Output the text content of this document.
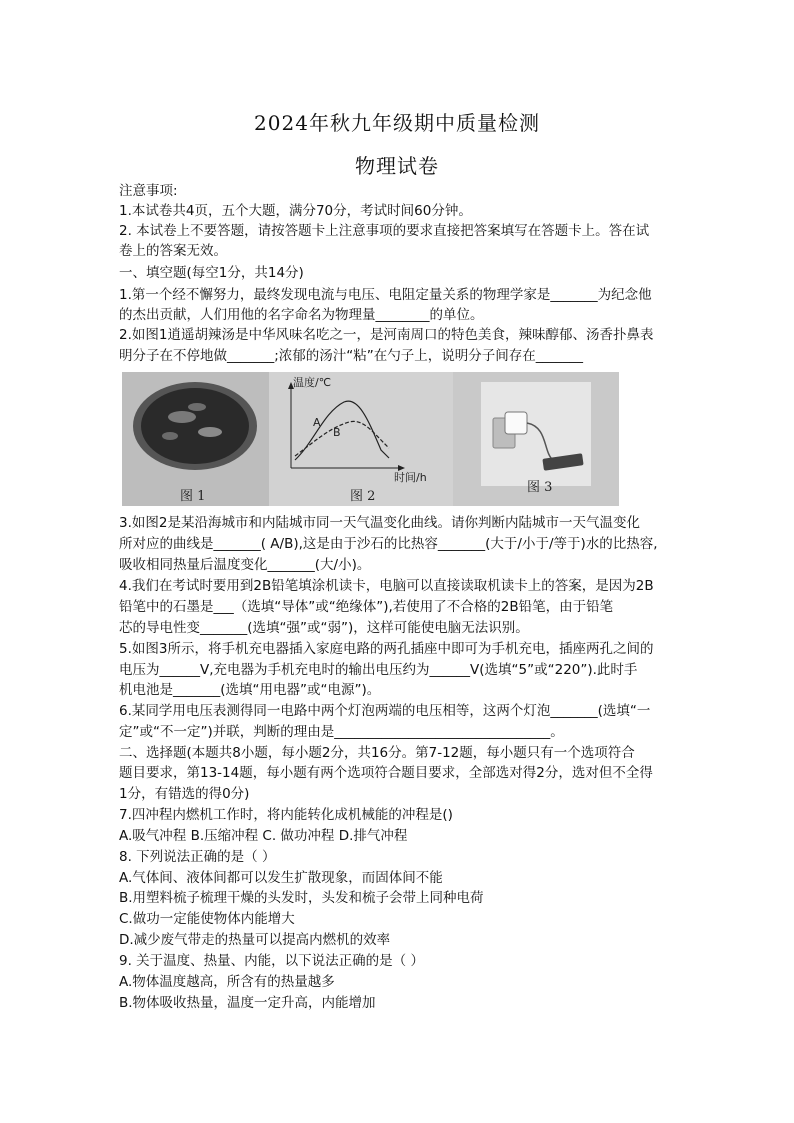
2024年秋九年级期中质量检测
物理试卷
注意事项:
1.本试卷共4页，五个大题，满分70分，考试时间60分钟。
2. 本试卷上不要答题，请按答题卡上注意事项的要求直接把答案填写在答题卡上。答在试
卷上的答案无效。
一、填空题(每空1分，共14分)
1.第一个经不懈努力，最终发现电流与电压、电阻定量关系的物理学家是_______为纪念他
的杰出贡献，人们用他的名字命名为物理量________的单位。
2.如图1逍遥胡辣汤是中华风味名吃之一，是河南周口的特色美食，辣味醇郁、汤香扑鼻表
明分子在不停地做_______;浓郁的汤汁“粘”在勺子上，说明分子间存在_______
图 1
温度/℃
时间/h
A
B
图 2
图 3
3.如图2是某沿海城市和内陆城市同一天气温变化曲线。请你判断内陆城市一天气温变化
所对应的曲线是_______( A/B),这是由于沙石的比热容_______(大于/小于/等于)水的比热容,
吸收相同热量后温度变化_______(大/小)。
4.我们在考试时要用到2B铅笔填涂机读卡，电脑可以直接读取机读卡上的答案，是因为2B
铅笔中的石墨是___（选填“导体”或“绝缘体”),若使用了不合格的2B铅笔，由于铅笔
芯的导电性变_______(选填“强”或“弱”)，这样可能使电脑无法识别。
5.如图3所示，将手机充电器插入家庭电路的两孔插座中即可为手机充电，插座两孔之间的
电压为______V,充电器为手机充电时的输出电压约为______V(选填“5”或“220”).此时手
机电池是_______(选填“用电器”或“电源”)。
6.某同学用电压表测得同一电路中两个灯泡两端的电压相等，这两个灯泡_______(选填“一
定”或“不一定”)并联，判断的理由是________________________________。
二、选择题(本题共8小题，每小题2分，共16分。第7-12题，每小题只有一个选项符合
题目要求，第13-14题，每小题有两个选项符合题目要求，全部选对得2分，选对但不全得
1分，有错选的得0分)
7.四冲程内燃机工作时，将内能转化成机械能的冲程是()
A.吸气冲程 B.压缩冲程 C. 做功冲程 D.排气冲程
8. 下列说法正确的是（ ）
A.气体间、液体间都可以发生扩散现象，而固体间不能
B.用塑料梳子梳理干燥的头发时，头发和梳子会带上同种电荷
C.做功一定能使物体内能增大
D.减少废气带走的热量可以提高内燃机的效率
9. 关于温度、热量、内能，以下说法正确的是（ ）
A.物体温度越高，所含有的热量越多
B.物体吸收热量，温度一定升高，内能增加
